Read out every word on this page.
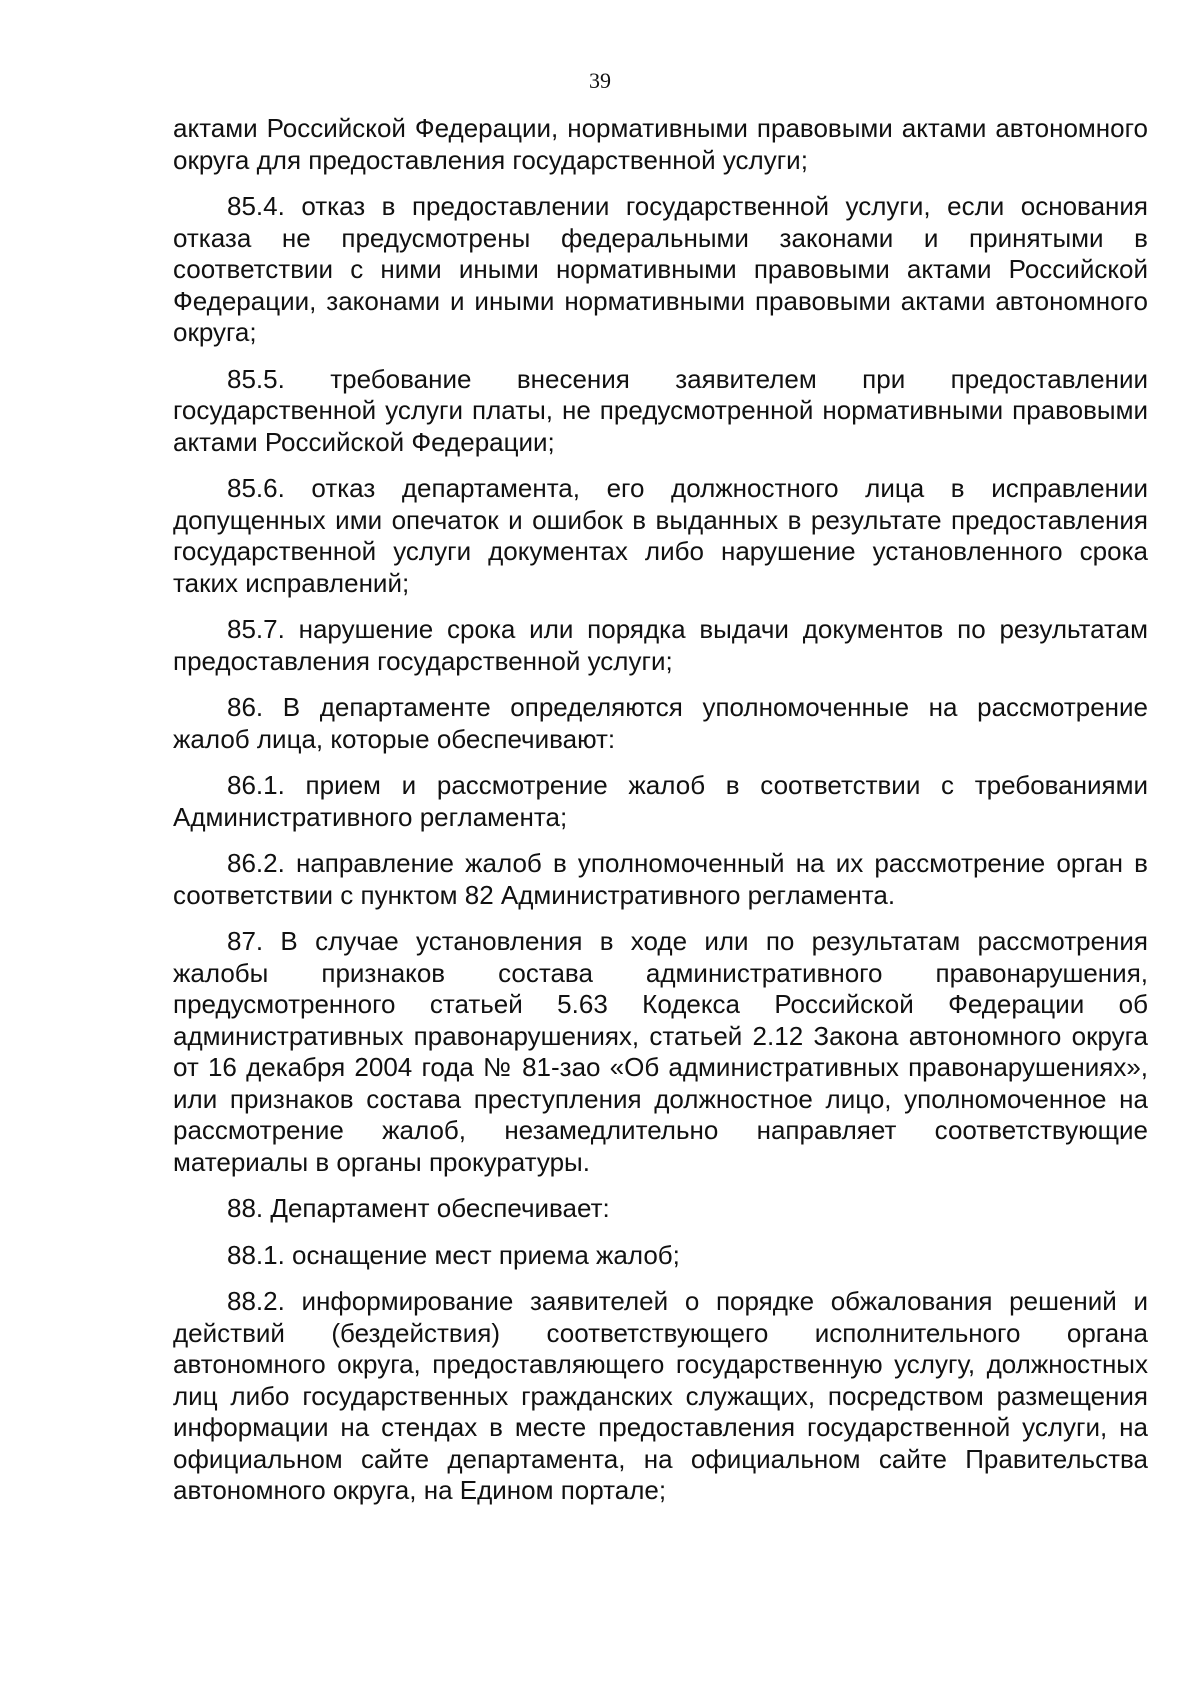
39

актами Российской Федерации, нормативными правовыми актами автономного округа для предоставления государственной услуги;

85.4. отказ в предоставлении государственной услуги, если основания отказа не предусмотрены федеральными законами и принятыми в соответствии с ними иными нормативными правовыми актами Российской Федерации, законами и иными нормативными правовыми актами автономного округа;

85.5. требование внесения заявителем при предоставлении государственной услуги платы, не предусмотренной нормативными правовыми актами Российской Федерации;

85.6. отказ департамента, его должностного лица в исправлении допущенных ими опечаток и ошибок в выданных в результате предоставления государственной услуги документах либо нарушение установленного срока таких исправлений;

85.7. нарушение срока или порядка выдачи документов по результатам предоставления государственной услуги;

86. В департаменте определяются уполномоченные на рассмотрение жалоб лица, которые обеспечивают:

86.1. прием и рассмотрение жалоб в соответствии с требованиями Административного регламента;

86.2. направление жалоб в уполномоченный на их рассмотрение орган в соответствии с пунктом 82 Административного регламента.

87. В случае установления в ходе или по результатам рассмотрения жалобы признаков состава административного правонарушения, предусмотренного статьей 5.63 Кодекса Российской Федерации об административных правонарушениях, статьей 2.12 Закона автономного округа от 16 декабря 2004 года № 81-зао «Об административных правонарушениях», или признаков состава преступления должностное лицо, уполномоченное на рассмотрение жалоб, незамедлительно направляет соответствующие материалы в органы прокуратуры.

88. Департамент обеспечивает:

88.1. оснащение мест приема жалоб;

88.2. информирование заявителей о порядке обжалования решений и действий (бездействия) соответствующего исполнительного органа автономного округа, предоставляющего государственную услугу, должностных лиц либо государственных гражданских служащих, посредством размещения информации на стендах в месте предоставления государственной услуги, на официальном сайте департамента, на официальном сайте Правительства автономного округа, на Едином портале;
